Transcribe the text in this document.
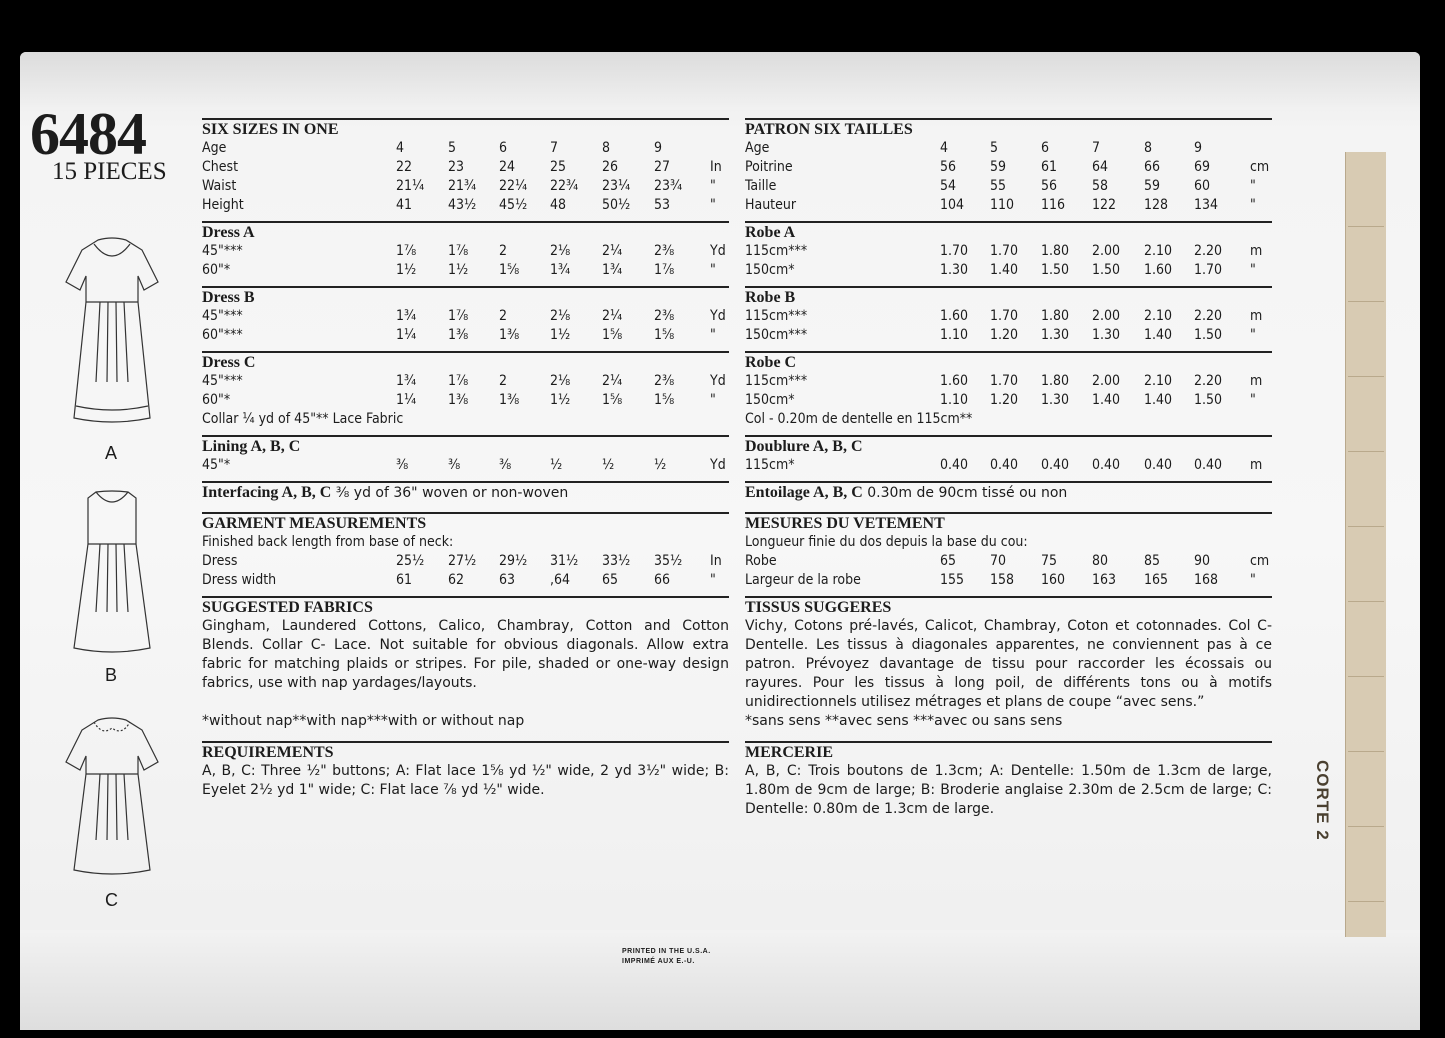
CORTE 2
6484
15 PIECES
A
B
C
SIX SIZES IN ONE
Age	4	5	6	7	8	9
Chest	22	23 24 25	26	27	In
Waist	21¼ 21¾ 22¼ 22¾ 23¼ 23¾ "
Height	41	43½ 45½ 48	50½ 53	"
Dress A
45"***	1⅞ 1⅞ 2	2⅛ 2¼ 2⅜	Yd
60"*	1½ 1½ 1⅝ 1¾ 1¾ 1⅞	"
Dress B
45"***	1¾ 1⅞ 2	2⅛ 2¼ 2⅜	Yd
60"***	1¼ 1⅜ 1⅜ 1½ 1⅝ 1⅝	"
Dress C
45"***	1¾ 1⅞ 2	2⅛ 2¼ 2⅜	Yd
60"*	1¼ 1⅜ 1⅜ 1½ 1⅝ 1⅝	"
Collar ¼ yd of 45"** Lace Fabric
Lining A, B, C
45"*	⅜	⅜	⅜	½	½	½	Yd
Interfacing A, B, C ⅜ yd of 36" woven or non-woven
GARMENT MEASUREMENTS
Finished back length from base of neck:
Dress	25½ 27½ 29½ 31½ 33½ 35½ In
Dress width	61	62 63 ,64 65	66	"
SUGGESTED FABRICS
Gingham, Laundered Cottons, Calico, Chambray, Cotton and Cotton Blends. Collar C- Lace. Not suitable for obvious diagonals. Allow extra fabric for matching plaids or stripes. For pile, shaded or one-way design fabrics, use with nap yardages/layouts.
*without nap**with nap***with or without nap
REQUIREMENTS
A, B, C: Three ½" buttons; A: Flat lace 1⅝ yd ½" wide, 2 yd 3½" wide; B: Eyelet 2½ yd 1" wide; C: Flat lace ⅞ yd ½" wide.
PATRON SIX TAILLES
Age	4	5	6	7	8	9
Poitrine	56 59 61 64	66 69	cm
Taille	54 55 56 58	59 60	"
Hauteur	104 110 116 122 128 134 "
Robe A
115cm***	1.70 1.70 1.80 2.00 2.10 2.20 m
150cm*	1.30 1.40 1.50 1.50 1.60 1.70 "
Robe B
115cm***	1.60 1.70 1.80 2.00 2.10 2.20 m
150cm***	1.10 1.20 1.30 1.30 1.40 1.50 "
Robe C
115cm***	1.60 1.70 1.80 2.00 2.10 2.20 m
150cm*	1.10 1.20 1.30 1.40 1.40 1.50 "
Col - 0.20m de dentelle en 115cm**
Doublure A, B, C
115cm*	0.40 0.40 0.40 0.40 0.40 0.40 m
Entoilage A, B, C 0.30m de 90cm tissé ou non
MESURES DU VETEMENT
Longueur finie du dos depuis la base du cou:
Robe	65 70 75 80	85 90	cm
Largeur de la robe	155 158 160 163 165 168 "
TISSUS SUGGERES
Vichy, Cotons pré-lavés, Calicot, Chambray, Coton et cotonnades. Col C-Dentelle. Les tissus à diagonales apparentes, ne conviennent pas à ce patron. Prévoyez davantage de tissu pour raccorder les écossais ou rayures. Pour les tissus à long poil, de différents tons ou à motifs unidirectionnels utilisez métrages et plans de coupe “avec sens.”
*sans sens **avec sens ***avec ou sans sens
MERCERIE
A, B, C: Trois boutons de 1.3cm; A: Dentelle: 1.50m de 1.3cm de large, 1.80m de 9cm de large; B: Broderie anglaise 2.30m de 2.5cm de large; C: Dentelle: 0.80m de 1.3cm de large.
PRINTED IN THE U.S.A.
IMPRIMÉ AUX E.-U.
